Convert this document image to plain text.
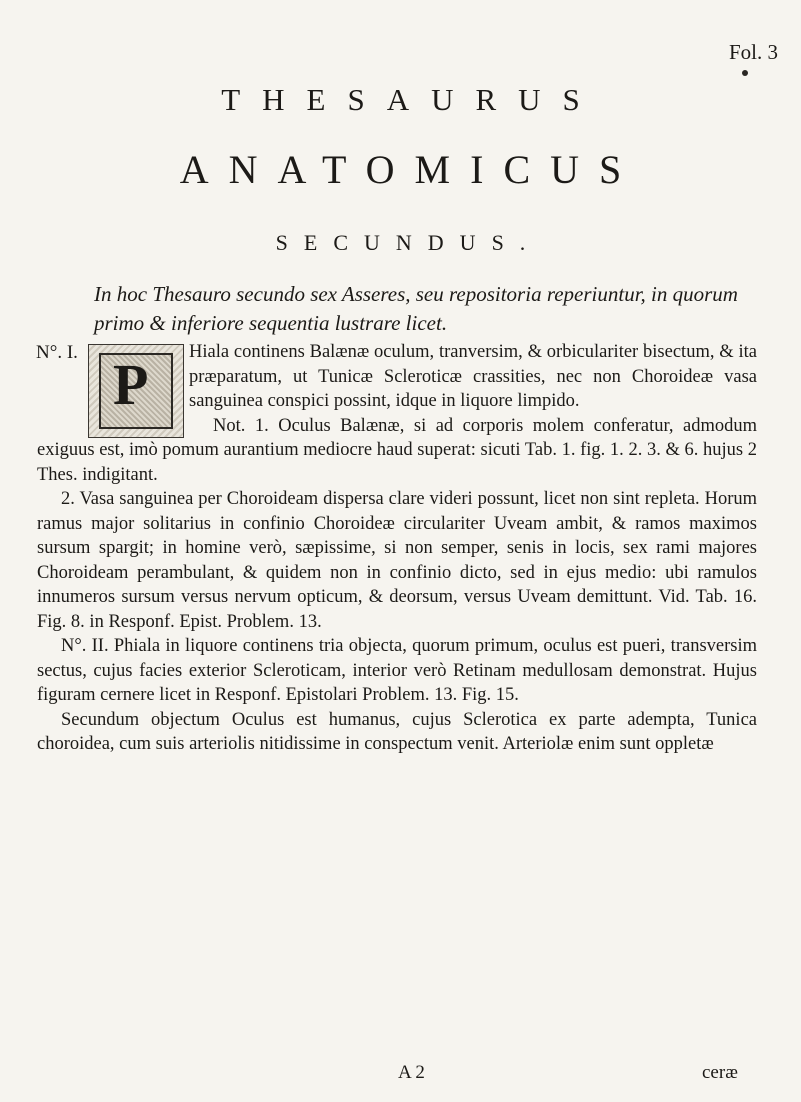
Fol. 3
THESAURUS
ANATOMICUS
SECUNDUS.
In hoc Thesauro secundo sex Asseres, seu repositoria reperiuntur, in quorum primo & inferiore sequentia lustrare licet.
N°. I. P	Hiala continens Balænæ oculum, tranversim, & orbiculariter bisectum, & ita præparatum, ut Tunicæ Scleroticæ crassities, nec non Choroideæ vasa sanguinea conspici possint, idque in liquore limpido.

Not. 1. Oculus Balænæ, si ad corporis molem conferatur, admodum exiguus est, imò pomum aurantium mediocre haud superat: sicuti Tab. 1. fig. 1. 2. 3. & 6. hujus 2 Thes. indigitant.

2. Vasa sanguinea per Choroideam dispersa clare videri possunt, licet non sint repleta. Horum ramus major solitarius in confinio Choroideæ circulariter Uveam ambit, & ramos maximos sursum spargit; in homine verò, sæpissime, si non semper, senis in locis, sex rami majores Choroideam perambulant, & quidem non in confinio dicto, sed in ejus medio: ubi ramulos innumeros sursum versus nervum opticum, & deorsum, versus Uveam demittunt. Vid. Tab. 16. Fig. 8. in Responf. Epist. Problem. 13.

N°. II. Phiala in liquore continens tria objecta, quorum primum, oculus est pueri, transversim sectus, cujus facies exterior Scleroticam, interior verò Retinam medullosam demonstrat. Hujus figuram cernere licet in Responf. Epistolari Problem. 13. Fig. 15.

Secundum objectum Oculus est humanus, cujus Sclerotica ex parte adempta, Tunica choroidea, cum suis arteriolis nitidissime in conspectum venit. Arteriolæ enim sunt oppletæ

A 2	ceræ
